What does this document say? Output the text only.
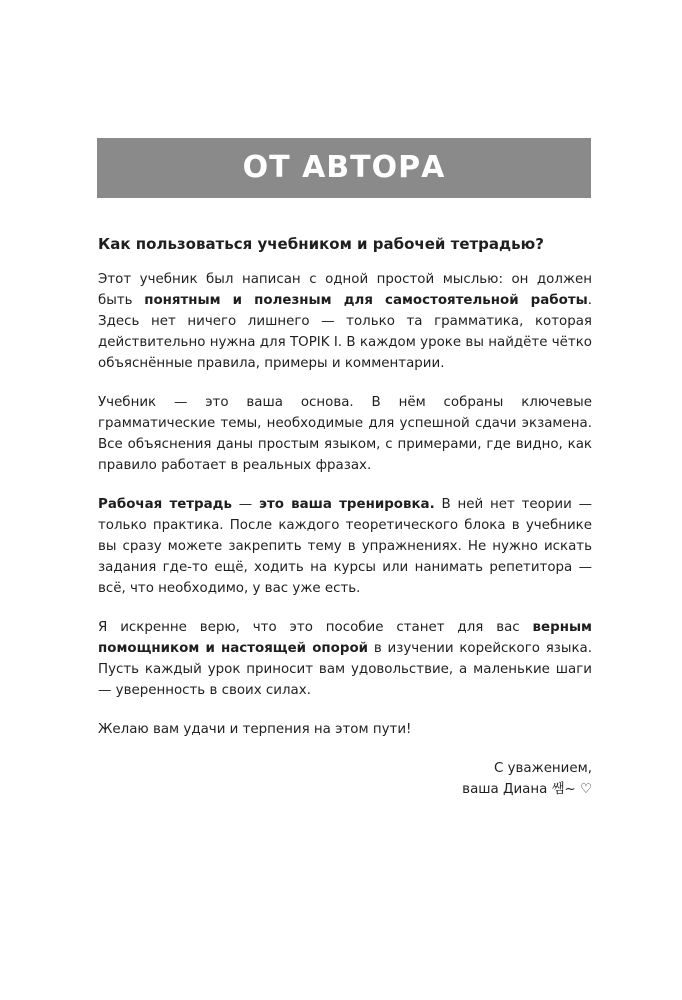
ОТ АВТОРА
Как пользоваться учебником и рабочей тетрадью?

Этот учебник был написан с одной простой мыслью: он должен быть понятным и полезным для самостоятельной работы. Здесь нет ничего лишнего — только та грамматика, которая действительно нужна для TOPIK I. В каждом уроке вы найдёте чётко объяснённые правила, примеры и комментарии.

Учебник — это ваша основа. В нём собраны ключевые грамматические темы, необходимые для успешной сдачи экзамена. Все объяснения даны простым языком, с примерами, где видно, как правило работает в реальных фразах.

Рабочая тетрадь — это ваша тренировка. В ней нет теории — только практика. После каждого теоретического блока в учебнике вы сразу можете закрепить тему в упражнениях. Не нужно искать задания где-то ещё, ходить на курсы или нанимать репетитора — всё, что необходимо, у вас уже есть.

Я искренне верю, что это пособие станет для вас верным помощником и настоящей опорой в изучении корейского языка. Пусть каждый урок приносит вам удовольствие, а маленькие шаги — уверенность в своих силах.

Желаю вам удачи и терпения на этом пути!

С уважением,
ваша Диана 쌤~ ♡
